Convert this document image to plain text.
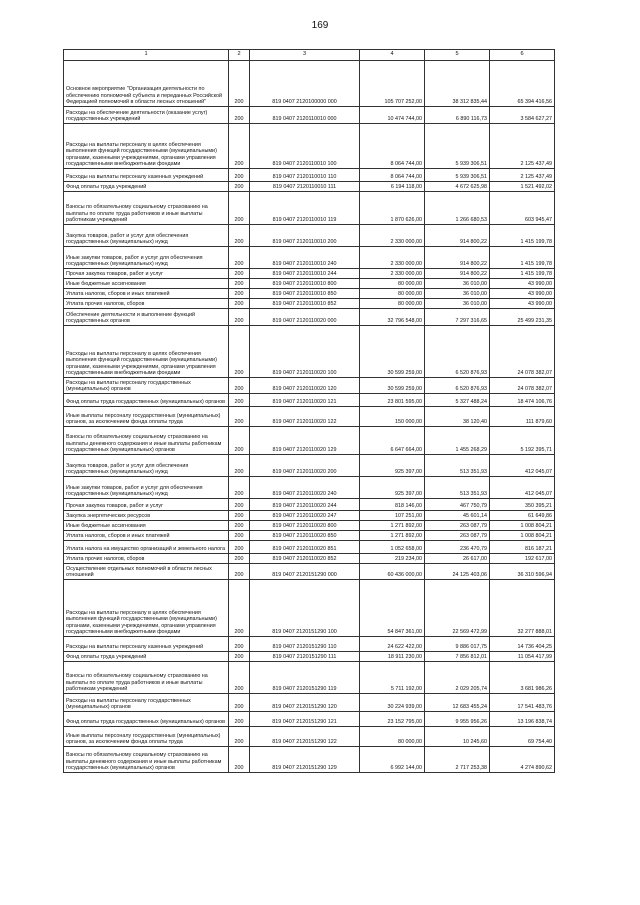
169
1	2	3	4	5	6
Основное мероприятие "Организация деятельности по обеспечению полномочий субъекта и переданных Российской Федерацией полномочий в области лесных отношений"	200	819 0407 2120100000 000	105 707 252,00	38 312 835,44	65 394 416,56
Расходы на обеспечение деятельности (оказание услуг) государственных учреждений	200	819 0407 2120110010 000	10 474 744,00	6 890 116,73	3 584 627,27
Расходы на выплаты персоналу в целях обеспечения выполнения функций государственными (муниципальными) органами, казенными учреждениями, органами управления государственными внебюджетными фондами	200	819 0407 2120110010 100	8 064 744,00	5 939 306,51	2 125 437,49
Расходы на выплаты персоналу казенных учреждений	200	819 0407 2120110010 110	8 064 744,00	5 939 306,51	2 125 437,49
Фонд оплаты труда учреждений	200	819 0407 2120110010 111	6 194 118,00	4 672 625,98	1 521 492,02
Взносы по обязательному социальному страхованию на выплаты по оплате труда работников и иные выплаты работникам учреждений	200	819 0407 2120110010 119	1 870 626,00	1 266 680,53	603 945,47
Закупка товаров, работ и услуг для обеспечения государственных (муниципальных) нужд	200	819 0407 2120110010 200	2 330 000,00	914 800,22	1 415 199,78
Иные закупки товаров, работ и услуг для обеспечения государственных (муниципальных) нужд	200	819 0407 2120110010 240	2 330 000,00	914 800,22	1 415 199,78
Прочая закупка товаров, работ и услуг	200	819 0407 2120110010 244	2 330 000,00	914 800,22	1 415 199,78
Иные бюджетные ассигнования	200	819 0407 2120110010 800	80 000,00	36 010,00	43 990,00
Уплата налогов, сборов и иных платежей	200	819 0407 2120110010 850	80 000,00	36 010,00	43 990,00
Уплата прочих налогов, сборов	200	819 0407 2120110010 852	80 000,00	36 010,00	43 990,00
Обеспечение деятельности и выполнение функций государственных органов	200	819 0407 2120110020 000	32 796 548,00	7 297 316,65	25 499 231,35
Расходы на выплаты персоналу в целях обеспечения выполнения функций государственными (муниципальными) органами, казенными учреждениями, органами управления государственными внебюджетными фондами	200	819 0407 2120110020 100	30 599 259,00	6 520 876,93	24 078 382,07
Расходы на выплаты персоналу государственных (муниципальных) органов	200	819 0407 2120110020 120	30 599 259,00	6 520 876,93	24 078 382,07
Фонд оплаты труда государственных (муниципальных) органов	200	819 0407 2120110020 121	23 801 595,00	5 327 488,24	18 474 106,76
Иные выплаты персоналу государственных (муниципальных) органов, за исключением фонда оплаты труда	200	819 0407 2120110020 122	150 000,00	38 120,40	111 879,60
Взносы по обязательному социальному страхованию на выплаты денежного содержания и иные выплаты работникам государственных (муниципальных) органов	200	819 0407 2120110020 129	6 647 664,00	1 455 268,29	5 192 395,71
Закупка товаров, работ и услуг для обеспечения государственных (муниципальных) нужд	200	819 0407 2120110020 200	925 397,00	513 351,93	412 045,07
Иные закупки товаров, работ и услуг для обеспечения государственных (муниципальных) нужд	200	819 0407 2120110020 240	925 397,00	513 351,93	412 045,07
Прочая закупка товаров, работ и услуг	200	819 0407 2120110020 244	818 146,00	467 750,79	350 395,21
Закупка энергетических ресурсов	200	819 0407 2120110020 247	107 251,00	45 601,14	61 649,86
Иные бюджетные ассигнования	200	819 0407 2120110020 800	1 271 892,00	263 087,79	1 008 804,21
Уплата налогов, сборов и иных платежей	200	819 0407 2120110020 850	1 271 892,00	263 087,79	1 008 804,21
Уплата налога на имущество организаций и земельного налога	200	819 0407 2120110020 851	1 052 658,00	236 470,79	816 187,21
Уплата прочих налогов, сборов	200	819 0407 2120110020 852	219 234,00	26 617,00	192 617,00
Осуществление отдельных полномочий в области лесных отношений	200	819 0407 2120151290 000	60 436 000,00	24 125 403,06	36 310 596,94
Расходы на выплаты персоналу в целях обеспечения выполнения функций государственными (муниципальными) органами, казенными учреждениями, органами управления государственными внебюджетными фондами	200	819 0407 2120151290 100	54 847 361,00	22 569 472,99	32 277 888,01
Расходы на выплаты персоналу казенных учреждений	200	819 0407 2120151290 110	24 622 422,00	9 886 017,75	14 736 404,25
Фонд оплаты труда учреждений	200	819 0407 2120151290 111	18 911 230,00	7 856 812,01	11 054 417,99
Взносы по обязательному социальному страхованию на выплаты по оплате труда работников и иные выплаты работникам учреждений	200	819 0407 2120151290 119	5 711 192,00	2 029 205,74	3 681 986,26
Расходы на выплаты персоналу государственных (муниципальных) органов	200	819 0407 2120151290 120	30 224 939,00	12 683 455,24	17 541 483,76
Фонд оплаты труда государственных (муниципальных) органов	200	819 0407 2120151290 121	23 152 795,00	9 955 956,26	13 196 838,74
Иные выплаты персоналу государственных (муниципальных) органов, за исключением фонда оплаты труда	200	819 0407 2120151290 122	80 000,00	10 245,60	69 754,40
Взносы по обязательному социальному страхованию на выплаты денежного содержания и иные выплаты работникам государственных (муниципальных) органов	200	819 0407 2120151290 129	6 992 144,00	2 717 253,38	4 274 890,62
